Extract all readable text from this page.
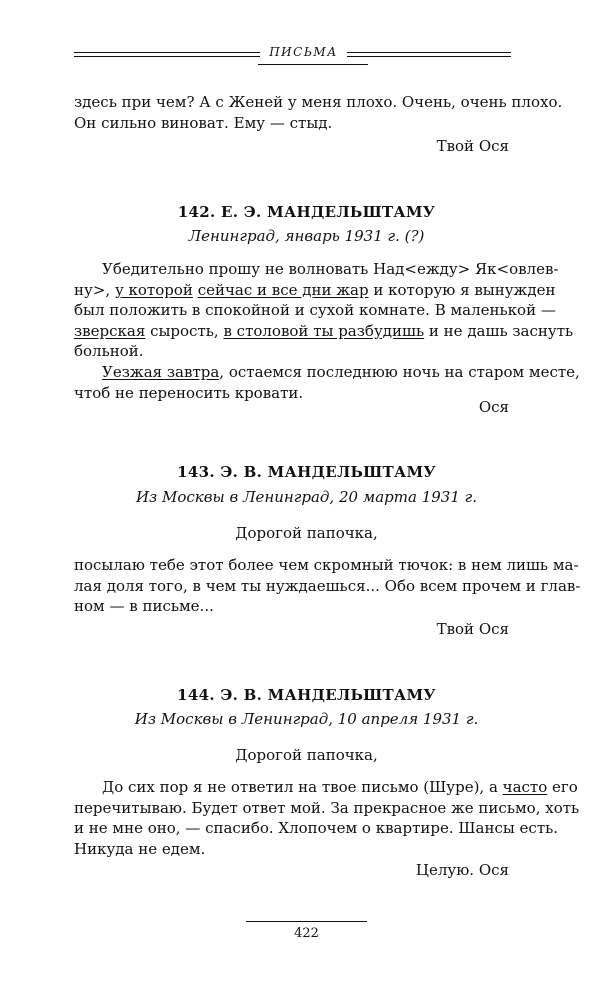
ПИСЬМА
здесь при чем? А с Женей у меня плохо. Очень, очень плохо.
Он сильно виноват. Ему — стыд.
Твой Ося
142. Е. Э. МАНДЕЛЬШТАМУ
Ленинград, январь 1931 г. (?)
Убедительно прошу не волновать Над<ежду> Як<овлев-
ну>, у которой сейчас и все дни жар и которую я вынужден
был положить в спокойной и сухой комнате. В маленькой —
зверская сырость, в столовой ты разбудишь и не дашь заснуть
больной.
Уезжая завтра, остаемся последнюю ночь на старом месте,
чтоб не переносить кровати.
Ося
143. Э. В. МАНДЕЛЬШТАМУ
Из Москвы в Ленинград, 20 марта 1931 г.
Дорогой папочка,
посылаю тебе этот более чем скромный тючок: в нем лишь ма-
лая доля того, в чем ты нуждаешься... Обо всем прочем и глав-
ном — в письме...
Твой Ося
144. Э. В. МАНДЕЛЬШТАМУ
Из Москвы в Ленинград, 10 апреля 1931 г.
Дорогой папочка,
До сих пор я не ответил на твое письмо (Шуре), а часто его
перечитываю. Будет ответ мой. За прекрасное же письмо, хоть
и не мне оно, — спасибо. Хлопочем о квартире. Шансы есть.
Никуда не едем.
Целую. Ося
422
